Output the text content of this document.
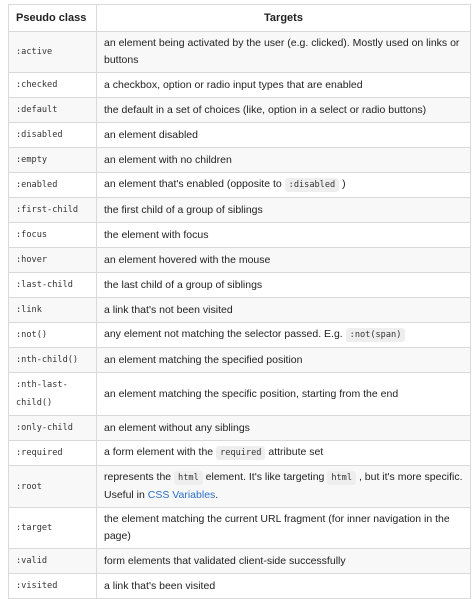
Pseudo class	Targets
:active	an element being activated by the user (e.g. clicked). Mostly used on links or buttons
:checked	a checkbox, option or radio input types that are enabled
:default	the default in a set of choices (like, option in a select or radio buttons)
:disabled	an element disabled
:empty	an element with no children
:enabled	an element that's enabled (opposite to :disabled )
:first-child	the first child of a group of siblings
:focus	the element with focus
:hover	an element hovered with the mouse
:last-child	the last child of a group of siblings
:link	a link that's not been visited
:not()	any element not matching the selector passed. E.g. :not(span)
:nth-child()	an element matching the specified position
:nth-last-child()	an element matching the specific position, starting from the end
:only-child	an element without any siblings
:required	a form element with the required attribute set
:root	represents the html element. It's like targeting html , but it's more specific. Useful in CSS Variables.
:target	the element matching the current URL fragment (for inner navigation in the page)
:valid	form elements that validated client-side successfully
:visited	a link that's been visited
